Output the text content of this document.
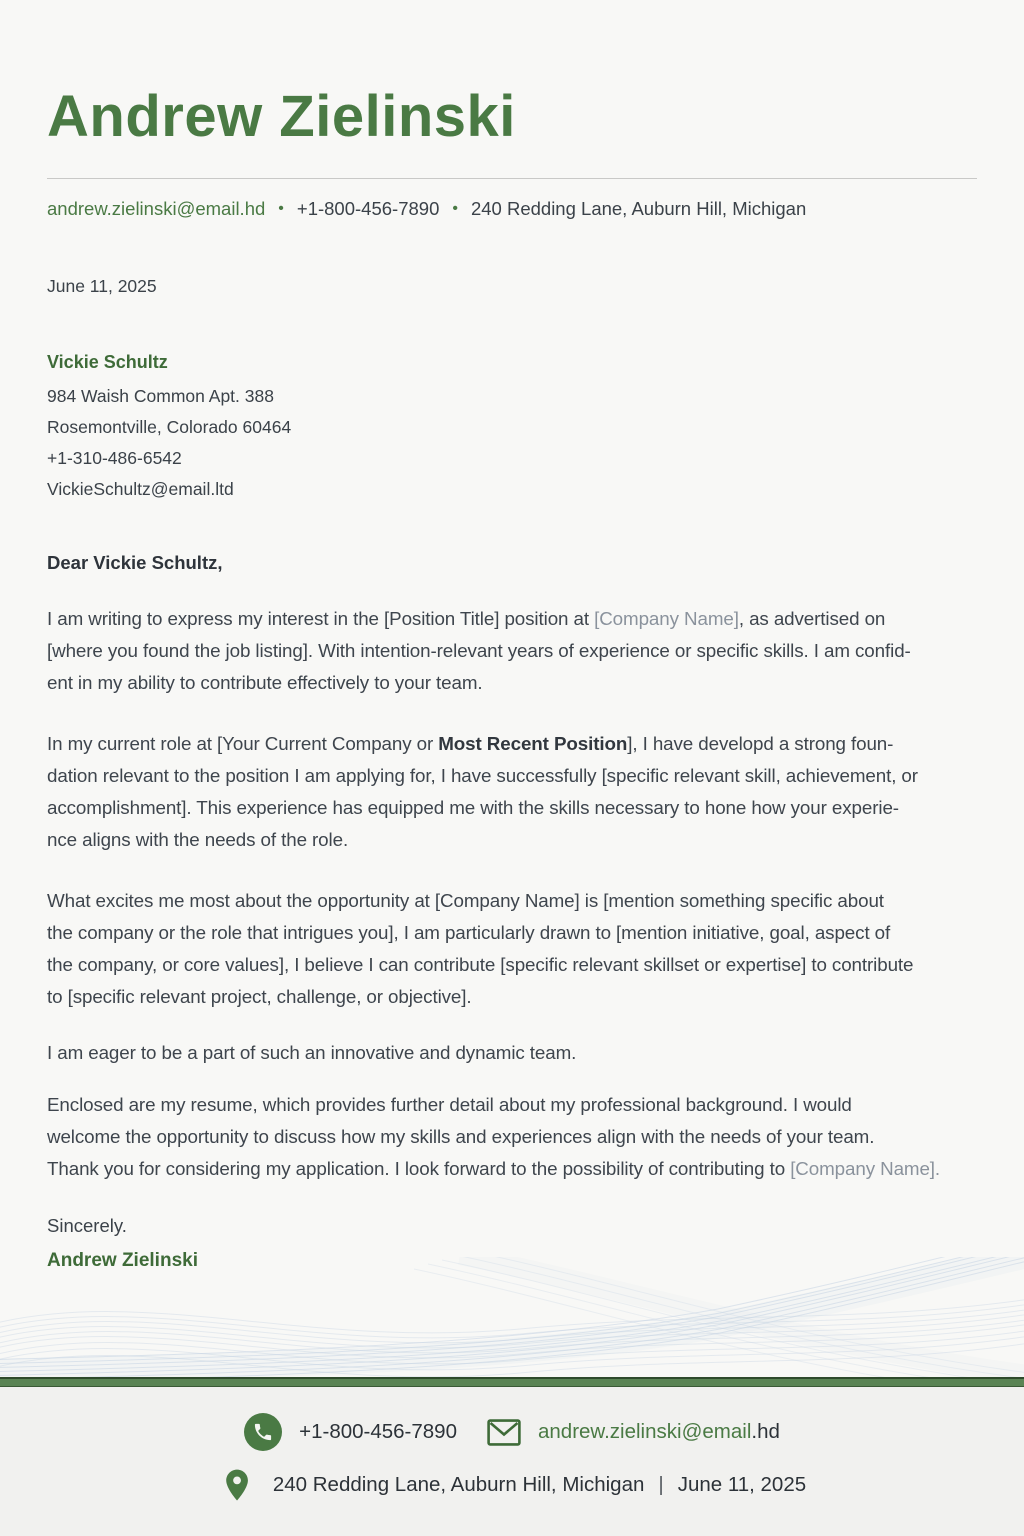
Andrew Zielinski
andrew.zielinski@email.hd • +1-800-456-7890 • 240 Redding Lane, Auburn Hill, Michigan
June 11, 2025
Vickie Schultz
984 Waish Common Apt. 388
Rosemontville, Colorado 60464
+1-310-486-6542
VickieSchultz@email.ltd
Dear Vickie Schultz,

I am writing to express my interest in the [Position Title] position at [Company Name], as advertised on
[where you found the job listing]. With intention-relevant years of experience or specific skills. I am confid-
ent in my ability to contribute effectively to your team.

In my current role at [Your Current Company or Most Recent Position], I have developd a strong foun-
dation relevant to the position I am applying for, I have successfully [specific relevant skill, achievement, or
accomplishment]. This experience has equipped me with the skills necessary to hone how your experie-
nce aligns with the needs of the role.

What excites me most about the opportunity at [Company Name] is [mention something specific about
the company or the role that intrigues you], I am particularly drawn to [mention initiative, goal, aspect of
the company, or core values], I believe I can contribute [specific relevant skillset or expertise] to contribute
to [specific relevant project, challenge, or objective].

I am eager to be a part of such an innovative and dynamic team.

Enclosed are my resume, which provides further detail about my professional background. I would
welcome the opportunity to discuss how my skills and experiences align with the needs of your team.
Thank you for considering my application. I look forward to the possibility of contributing to [Company Name].

Sincerely.
Andrew Zielinski
+1-800-456-7890	andrew.zielinski@email.hd
240 Redding Lane, Auburn Hill, Michigan | June 11, 2025
